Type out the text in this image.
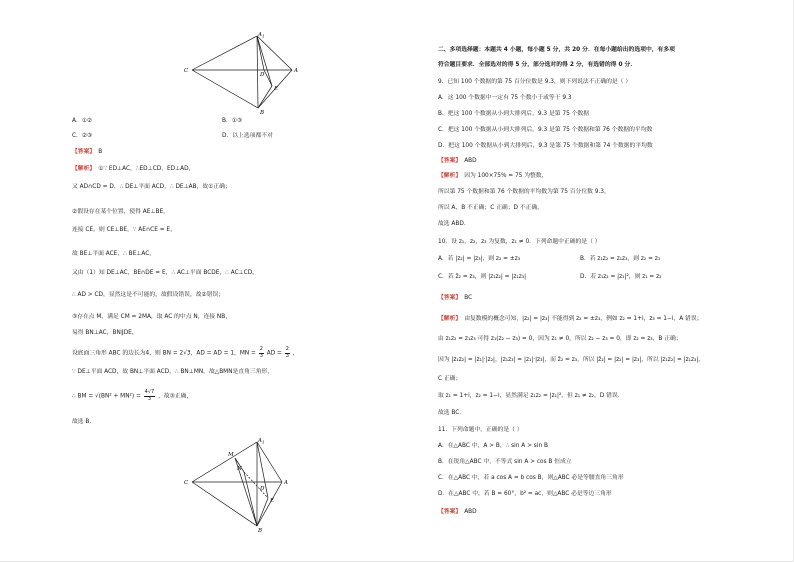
A 1
C	A
D
E
B
A．①②	B．①③
C．②③	D．以上选项都不对
【答案】 B
【解析】 ①∵ ED⊥AC，∴ED⊥CD，ED⊥AD，
又 AD∩CD = D，∴ DE⊥平面 ACD，∴ DE⊥AB，故①正确；
②假设存在某个位置，使得 AE⊥BE，
连接 CE，则 CE⊥BE，∵ AE∩CE = E，
故 BE⊥平面 ACE，∴ BE⊥AC，
又由（1）知 DE⊥AC，BE∩DE = E，∴ AC⊥平面 BCDE，∴ AC⊥CD，
∴ AD > CD，显然这是不可能的，故假设错误，故②错误；
③存在点 M，满足 CM = 2MA，取 AC 的中点 N，连接 NB，
易得 BN⊥AC，BN∥DE，
设底面三角形 ABC 的边长为4，则 BN = 2√3，AD = AD = 1，MN = $\frac{2}{3}$ AD = $\frac{2}{3}$ ，
∵ DE⊥平面 ACD，故 BN⊥平面 ACD，∴ BN⊥MN，故△BMN是直角三角形，
∴ BM = $√(BN^2 + MN^2) = \frac{4√7}{3}$ ，故③正确，
故选 B．
A 1
M
N
C	A
D
E
B
二、多项选择题：本题共 4 小题，每小题 5 分，共 20 分．在每小题给出的选项中，有多项
符合题目要求．全部选对的得 5 分，部分选对的得 2 分，有选错的得 0 分．
9．已知 100 个数据的第 75 百分位数是 9.3，则下列说法不正确的是（ ）
A．这 100 个数据中一定有 75 个数小于或等于 9.3
B．把这 100 个数据从小到大排列后，9.3 是第 75 个数据
C．把这 100 个数据从小到大排列后，9.3 是第 75 个数据和第 76 个数据的平均数
D．把这 100 个数据从小到大排列后，9.3 是第 75 个数据和第 74 个数据的平均数
【答案】 ABD
【解析】 因为 100×75% = 75 为整数，
所以第 75 个数据和第 76 个数据的平均数为第 75 百分位数 9.3，
所以 A、B 不正确；C 正确；D 不正确，
故选 ABD．
10．设 z₁，z₂，z₃ 为复数，z₁ ≠ 0．下列命题中正确的是（ ）
A．若 |z₂| = |z₃|，则 z₂ = ±z₃	B．若 z₁z₂ = z₁z₃，则 z₂ = z₃
C．若 z̄₂ = z₃，则 |z₁z₂| = |z₁z₃|	D．若 z₁z₂ = |z₁|²，则 z₁ = z₂
【答案】 BC
【解析】 由复数模的概念可知，|z₂| = |z₃| 不能得到 z₂ = ±z₃，例如 z₂ = 1+i，z₃ = 1−i，A 错误；
由 z₁z₂ = z₁z₃ 可得 z₁(z₂ − z₃) = 0，因为 z₁ ≠ 0，所以 z₂ − z₃ = 0，即 z₂ = z₃，B 正确；
因为 |z₁z₂| = |z₁|·|z₂|，|z₁z₃| = |z₁|·|z₃|，而 z̄₂ = z₃，所以 |z̄₂| = |z₂| = |z₃|，所以 |z₁z₂| = |z₁z₃|，
C 正确；
取 z₁ = 1+i，z₂ = 1−i，显然满足 z₁z₂ = |z₁|²，但 z₁ ≠ z₂，D 错误．
故选 BC．
11．下列命题中，正确的是（ ）
A．在△ABC 中，A > B，∴ sin A > sin B
B．在锐角△ABC 中，不等式 sin A > cos B 恒成立
C．在△ABC 中，若 a cos A = b cos B，则△ABC 必是等腰直角三角形
D．在△ABC 中，若 B = 60°，b² = ac，则△ABC 必是等边三角形
【答案】 ABD
